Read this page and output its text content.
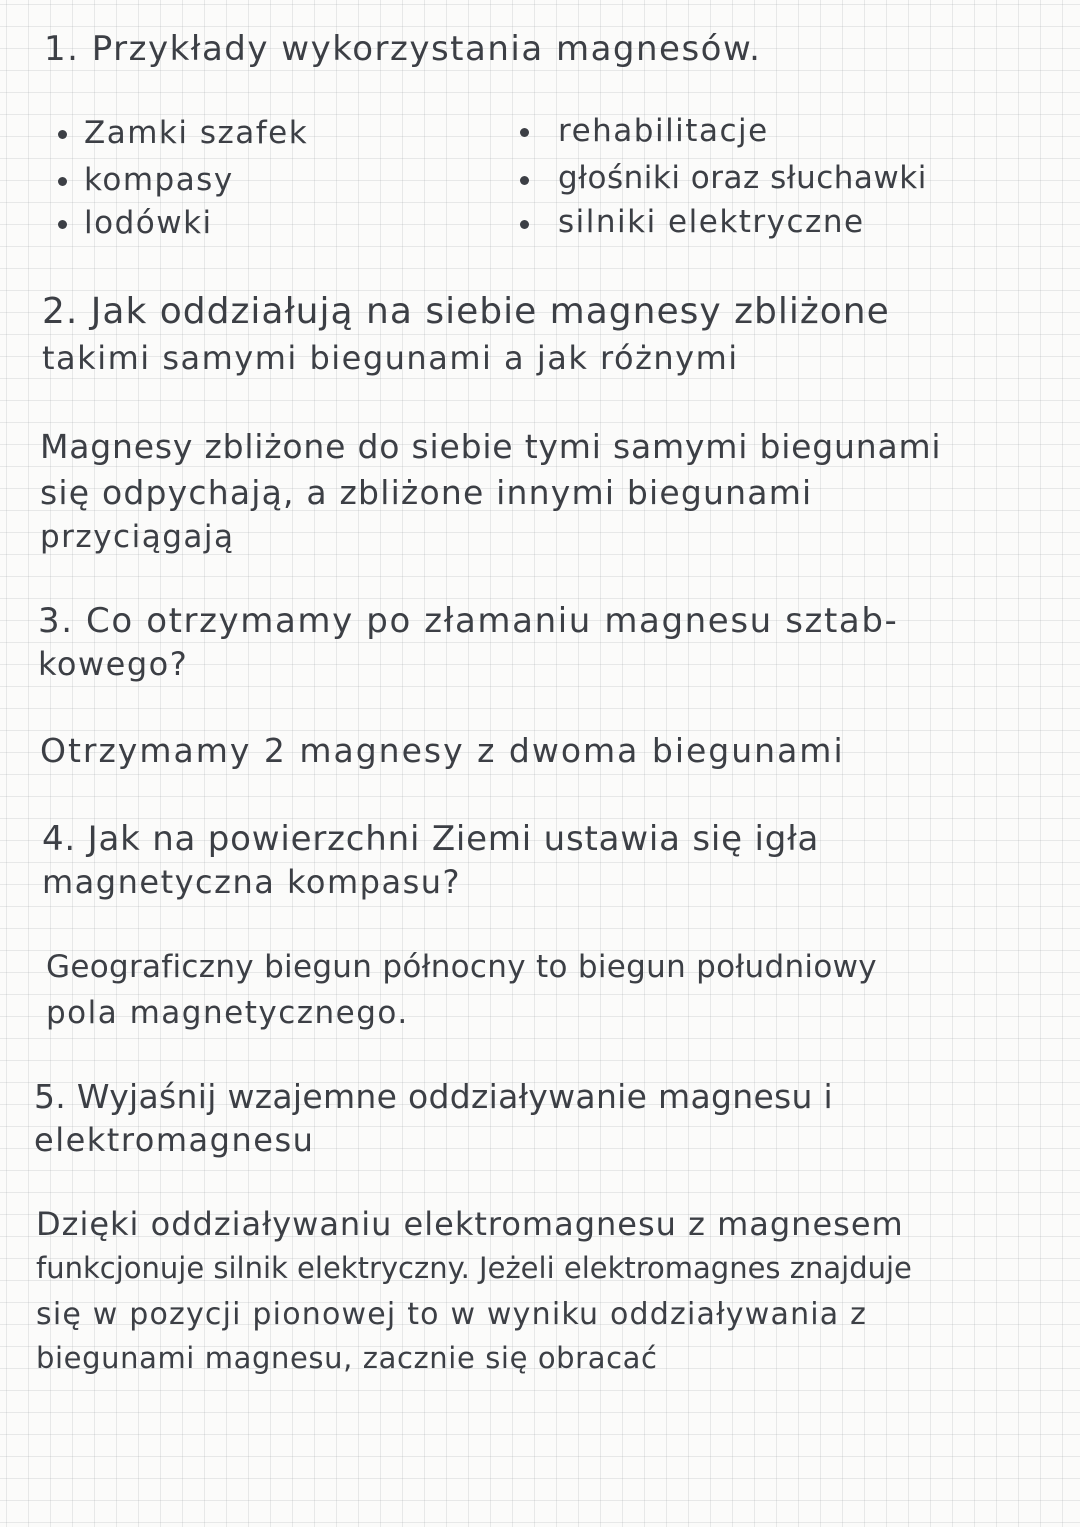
1. Przykłady wykorzystania magnesów.
Zamki szafek
kompasy
lodówki
rehabilitacje
głośniki oraz słuchawki
silniki elektryczne
2. Jak oddziałują na siebie magnesy zbliżone
takimi samymi biegunami a jak różnymi
Magnesy zbliżone do siebie tymi samymi biegunami
się odpychają, a zbliżone innymi biegunami
przyciągają
3. Co otrzymamy po złamaniu magnesu sztab-
kowego?
Otrzymamy 2 magnesy z dwoma biegunami
4. Jak na powierzchni Ziemi ustawia się igła
magnetyczna kompasu?
Geograficzny biegun północny to biegun południowy
pola magnetycznego.
5. Wyjaśnij wzajemne oddziaływanie magnesu i
elektromagnesu
Dzięki oddziaływaniu elektromagnesu z magnesem
funkcjonuje silnik elektryczny. Jeżeli elektromagnes znajduje
się w pozycji pionowej to w wyniku oddziaływania z
biegunami magnesu, zacznie się obracać
